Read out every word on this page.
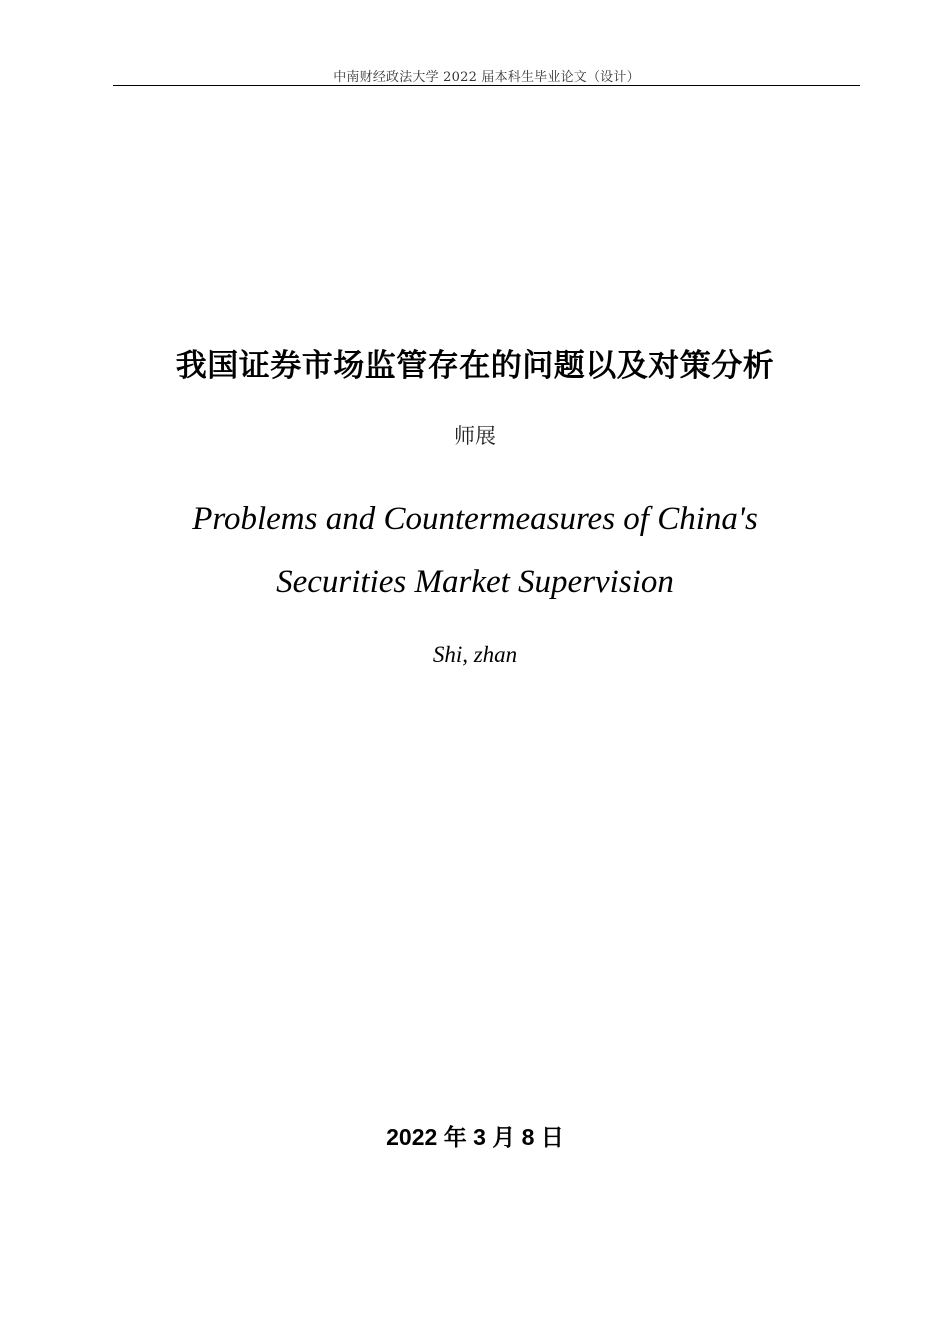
中南财经政法大学 2022 届本科生毕业论文（设计）
我国证券市场监管存在的问题以及对策分析
师展
Problems and Countermeasures of China's
Securities Market Supervision
Shi, zhan
2022 年 3 月 8 日
